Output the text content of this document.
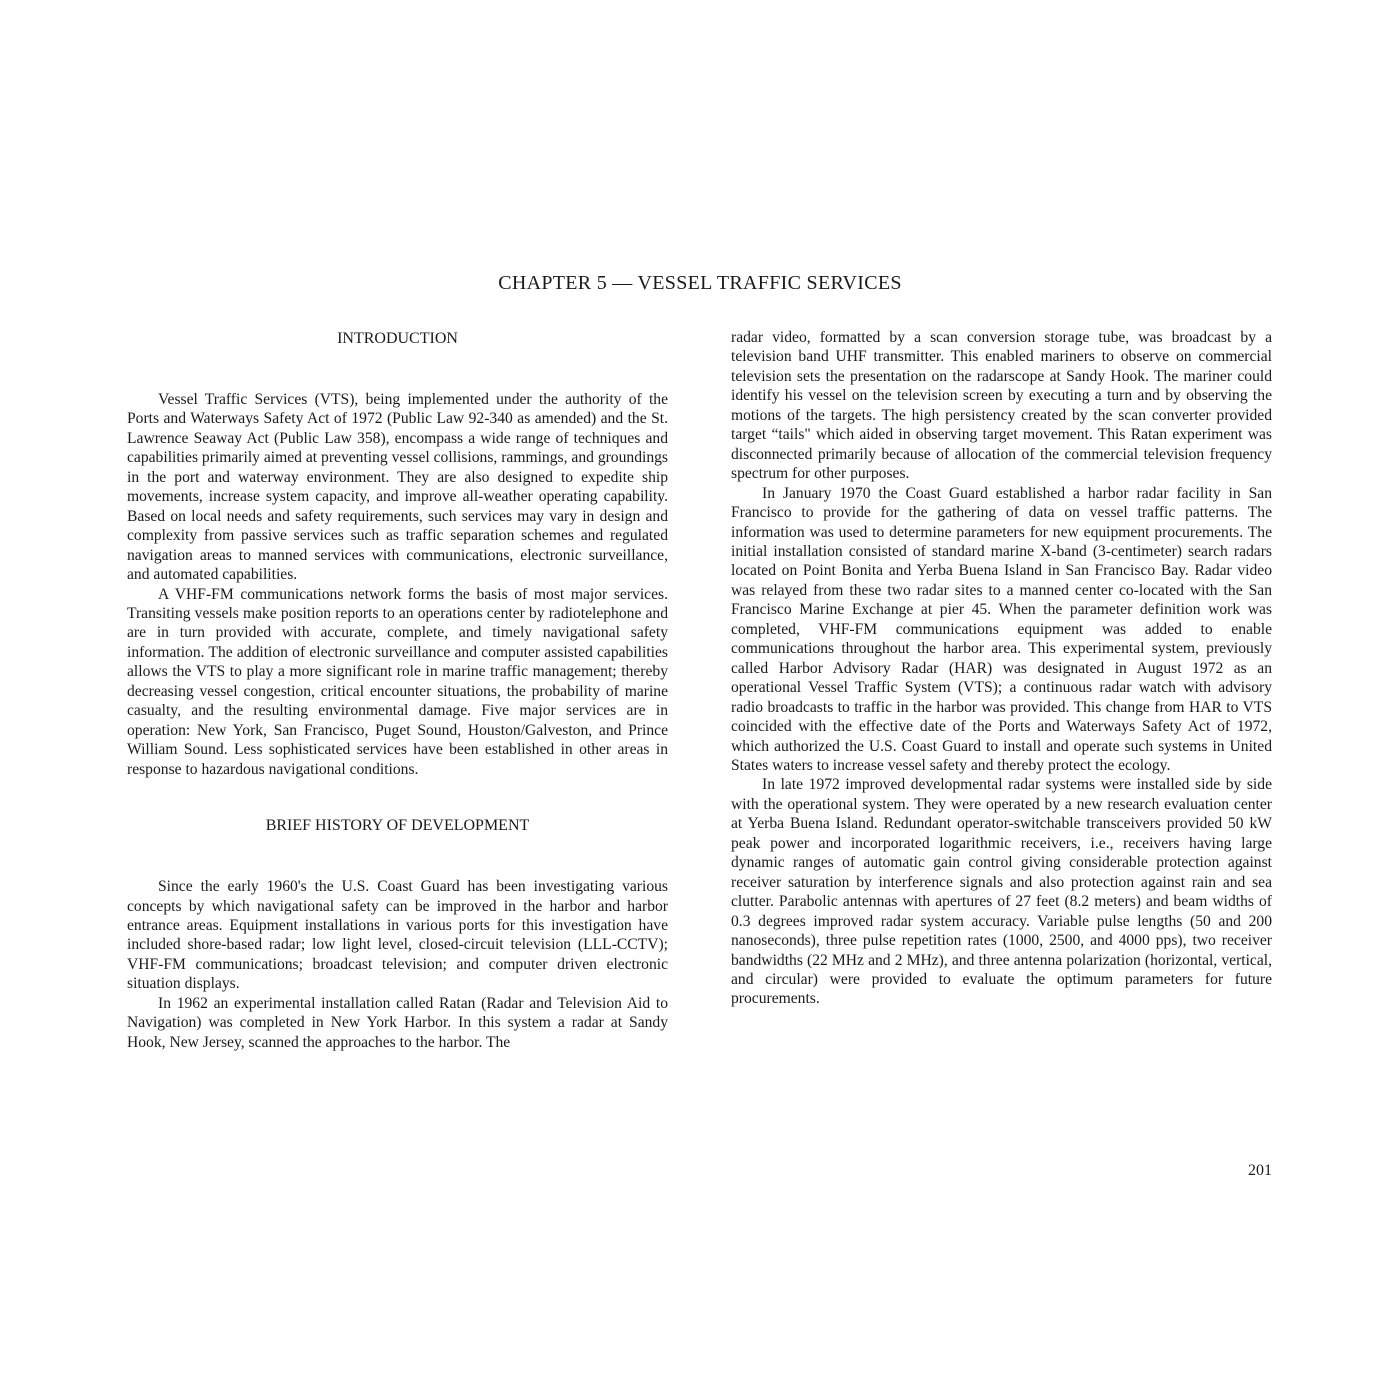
CHAPTER 5 — VESSEL TRAFFIC SERVICES
INTRODUCTION

Vessel Traffic Services (VTS), being implemented under the authority of the Ports and Waterways Safety Act of 1972 (Public Law 92-340 as amended) and the St. Lawrence Seaway Act (Public Law 358), encompass a wide range of techniques and capabilities primarily aimed at preventing vessel collisions, rammings, and groundings in the port and waterway environment. They are also designed to expedite ship movements, increase system capacity, and improve all-weather operating capability. Based on local needs and safety requirements, such services may vary in design and complexity from passive services such as traffic separation schemes and regulated navigation areas to manned services with communications, electronic surveillance, and automated capabilities.

A VHF-FM communications network forms the basis of most major services. Transiting vessels make position reports to an operations center by radiotelephone and are in turn provided with accurate, complete, and timely navigational safety information. The addition of electronic surveillance and computer assisted capabilities allows the VTS to play a more significant role in marine traffic management; thereby decreasing vessel congestion, critical encounter situations, the probability of marine casualty, and the resulting environmental damage. Five major services are in operation: New York, San Francisco, Puget Sound, Houston/Galveston, and Prince William Sound. Less sophisticated services have been established in other areas in response to hazardous navigational conditions.

BRIEF HISTORY OF DEVELOPMENT

Since the early 1960's the U.S. Coast Guard has been investigating various concepts by which navigational safety can be improved in the harbor and harbor entrance areas. Equipment installations in various ports for this investigation have included shore-based radar; low light level, closed-circuit television (LLL-CCTV); VHF-FM communications; broadcast television; and computer driven electronic situation displays.

In 1962 an experimental installation called Ratan (Radar and Television Aid to Navigation) was completed in New York Harbor. In this system a radar at Sandy Hook, New Jersey, scanned the approaches to the harbor. The

radar video, formatted by a scan conversion storage tube, was broadcast by a television band UHF transmitter. This enabled mariners to observe on commercial television sets the presentation on the radarscope at Sandy Hook. The mariner could identify his vessel on the television screen by executing a turn and by observing the motions of the targets. The high persistency created by the scan converter provided target “tails" which aided in observing target movement. This Ratan experiment was disconnected primarily because of allocation of the commercial television frequency spectrum for other purposes.

In January 1970 the Coast Guard established a harbor radar facility in San Francisco to provide for the gathering of data on vessel traffic patterns. The information was used to determine parameters for new equipment procurements. The initial installation consisted of standard marine X-band (3-centimeter) search radars located on Point Bonita and Yerba Buena Island in San Francisco Bay. Radar video was relayed from these two radar sites to a manned center co-located with the San Francisco Marine Exchange at pier 45. When the parameter definition work was completed, VHF-FM communications equipment was added to enable communications throughout the harbor area. This experimental system, previously called Harbor Advisory Radar (HAR) was designated in August 1972 as an operational Vessel Traffic System (VTS); a continuous radar watch with advisory radio broadcasts to traffic in the harbor was provided. This change from HAR to VTS coincided with the effective date of the Ports and Waterways Safety Act of 1972, which authorized the U.S. Coast Guard to install and operate such systems in United States waters to increase vessel safety and thereby protect the ecology.

In late 1972 improved developmental radar systems were installed side by side with the operational system. They were operated by a new research evaluation center at Yerba Buena Island. Redundant operator-switchable transceivers provided 50 kW peak power and incorporated logarithmic receivers, i.e., receivers having large dynamic ranges of automatic gain control giving considerable protection against receiver saturation by interference signals and also protection against rain and sea clutter. Parabolic antennas with apertures of 27 feet (8.2 meters) and beam widths of 0.3 degrees improved radar system accuracy. Variable pulse lengths (50 and 200 nanoseconds), three pulse repetition rates (1000, 2500, and 4000 pps), two receiver bandwidths (22 MHz and 2 MHz), and three antenna polarization (horizontal, vertical, and circular) were provided to evaluate the optimum parameters for future procurements.

201
